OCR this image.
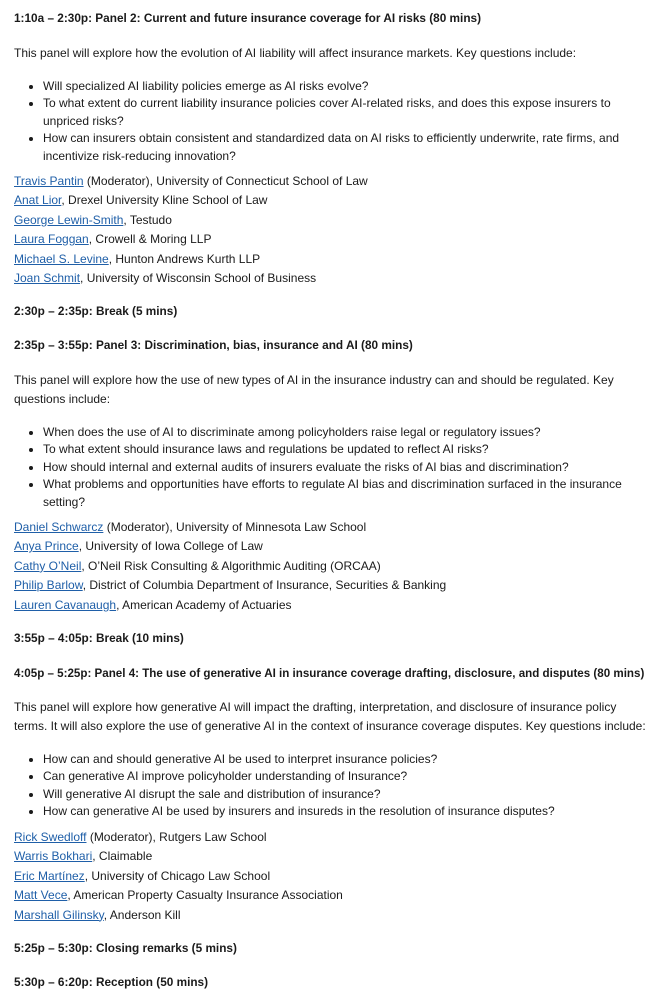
1:10a – 2:30p: Panel 2: Current and future insurance coverage for AI risks (80 mins)

This panel will explore how the evolution of AI liability will affect insurance markets. Key questions include:

• Will specialized AI liability policies emerge as AI risks evolve?
• To what extent do current liability insurance policies cover AI-related risks, and does this expose insurers to unpriced risks?
• How can insurers obtain consistent and standardized data on AI risks to efficiently underwrite, rate firms, and incentivize risk-reducing innovation?
Travis Pantin (Moderator), University of Connecticut School of Law
Anat Lior, Drexel University Kline School of Law
George Lewin-Smith, Testudo
Laura Foggan, Crowell & Moring LLP
Michael S. Levine, Hunton Andrews Kurth LLP
Joan Schmit, University of Wisconsin School of Business

2:30p – 2:35p: Break (5 mins)

2:35p – 3:55p: Panel 3: Discrimination, bias, insurance and AI (80 mins)

This panel will explore how the use of new types of AI in the insurance industry can and should be regulated. Key questions include:

• When does the use of AI to discriminate among policyholders raise legal or regulatory issues?
• To what extent should insurance laws and regulations be updated to reflect AI risks?
• How should internal and external audits of insurers evaluate the risks of AI bias and discrimination?
• What problems and opportunities have efforts to regulate AI bias and discrimination surfaced in the insurance setting?
Daniel Schwarcz (Moderator), University of Minnesota Law School
Anya Prince, University of Iowa College of Law
Cathy O’Neil, O’Neil Risk Consulting & Algorithmic Auditing (ORCAA)
Philip Barlow, District of Columbia Department of Insurance, Securities & Banking
Lauren Cavanaugh, American Academy of Actuaries

3:55p – 4:05p: Break (10 mins)

4:05p – 5:25p: Panel 4: The use of generative AI in insurance coverage drafting, disclosure, and disputes (80 mins)

This panel will explore how generative AI will impact the drafting, interpretation, and disclosure of insurance policy terms. It will also explore the use of generative AI in the context of insurance coverage disputes. Key questions include:

• How can and should generative AI be used to interpret insurance policies?
• Can generative AI improve policyholder understanding of Insurance?
• Will generative AI disrupt the sale and distribution of insurance?
• How can generative AI be used by insurers and insureds in the resolution of insurance disputes?
Rick Swedloff (Moderator), Rutgers Law School
Warris Bokhari, Claimable
Eric Martínez, University of Chicago Law School
Matt Vece, American Property Casualty Insurance Association
Marshall Gilinsky, Anderson Kill

5:25p – 5:30p: Closing remarks (5 mins)

5:30p – 6:20p: Reception (50 mins)
